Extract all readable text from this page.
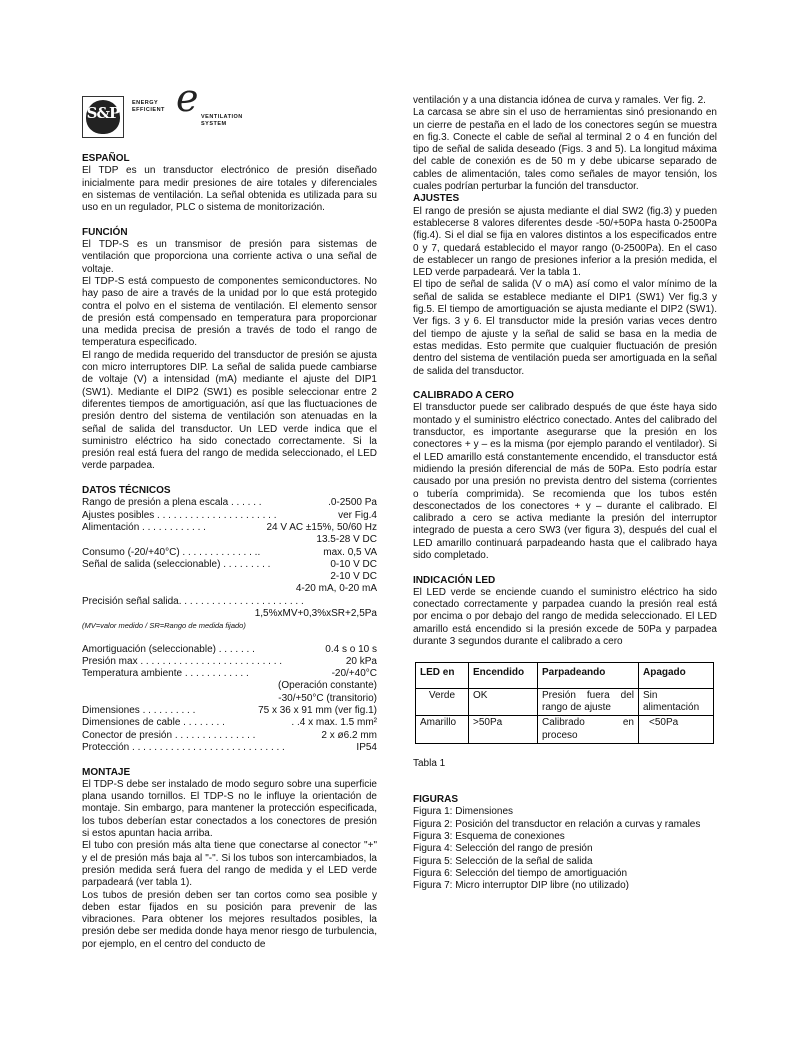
S&P
ENERGY
EFFICIENT e VENTILATION
SYSTEM
ESPAÑOL

El TDP es un transductor electrónico de presión diseñado inicialmente para medir presiones de aire totales y diferenciales en sistemas de ventilación. La señal obtenida es utilizada para su uso en un regulador, PLC o sistema de monitorización.

FUNCIÓN

El TDP-S es un transmisor de presión para sistemas de ventilación que proporciona una corriente activa o una señal de voltaje.

El TDP-S está compuesto de componentes semiconductores. No hay paso de aire a través de la unidad por lo que está protegido contra el polvo en el sistema de ventilación. El elemento sensor de presión está compensado en temperatura para proporcionar una medida precisa de presión a través de todo el rango de temperatura especificado.

El rango de medida requerido del transductor de presión se ajusta con micro interruptores DIP. La señal de salida puede cambiarse de voltaje (V) a intensidad (mA) mediante el ajuste del DIP1 (SW1). Mediante el DIP2 (SW1) es posible seleccionar entre 2 diferentes tiempos de amortiguación, así que las fluctuaciones de presión dentro del sistema de ventilación son atenuadas en la señal de salida del transductor. Un LED verde indica que el suministro eléctrico ha sido conectado correctamente. Si la presión real está fuera del rango de medida seleccionado, el LED verde parpadea.

DATOS TÉCNICOS
Rango de presión a plena escala . . . . . .	.0-2500 Pa
Ajustes posibles . . . . . . . . . . . . . . . . . . . . . .	ver Fig.4
Alimentación . . . . . . . . . . . .	24 V AC ±15%, 50/60 Hz
13.5-28 V DC
Consumo (-20/+40°C) . . . . . . . . . . . . . ..	max. 0,5 VA
Señal de salida (seleccionable) . . . . . . . . .	0-10 V DC
2-10 V DC
4-20 mA, 0-20 mA
Precisión señal salida. . . . . . . . . . . . . . . . . . . . . . .
1,5%xMV+0,3%xSR+2,5Pa
(MV=valor medido / SR=Rango de medida fijado)
Amortiguación (seleccionable) . . . . . . .	0.4 s o 10 s
Presión max . . . . . . . . . . . . . . . . . . . . . . . . . .	20 kPa
Temperatura ambiente . . . . . . . . . . . .	-20/+40°C
(Operación constante)
-30/+50°C (transitorio)
Dimensiones . . . . . . . . . .	75 x 36 x 91 mm (ver fig.1)
Dimensiones de cable . . . . . . . .	. .4 x max. 1.5 mm²
Conector de presión . . . . . . . . . . . . . . .	2 x ø6.2 mm
Protección . . . . . . . . . . . . . . . . . . . . . . . . . . . .	IP54
MONTAJE

El TDP-S debe ser instalado de modo seguro sobre una superficie plana usando tornillos. El TDP-S no le influye la orientación de montaje. Sin embargo, para mantener la protección especificada, los tubos deberían estar conectados a los conectores de presión si estos apuntan hacia arriba.

El tubo con presión más alta tiene que conectarse al conector "+" y el de presión más baja al "-". Si los tubos son intercambiados, la presión medida será fuera del rango de medida y el LED verde parpadeará (ver tabla 1).

Los tubos de presión deben ser tan cortos como sea posible y deben estar fijados en su posición para prevenir de las vibraciones. Para obtener los mejores resultados posibles, la presión debe ser medida donde haya menor riesgo de turbulencia, por ejemplo, en el centro del conducto de

ventilación y a una distancia idónea de curva y ramales. Ver fig. 2.

La carcasa se abre sin el uso de herramientas sinó presionando en un cierre de pestaña en el lado de los conectores según se muestra en fig.3. Conecte el cable de señal al terminal 2 o 4 en función del tipo de señal de salida deseado (Figs. 3 and 5). La longitud máxima del cable de conexión es de 50 m y debe ubicarse separado de cables de alimentación, tales como señales de mayor tensión, los cuales podrían perturbar la función del transductor.

AJUSTES

El rango de presión se ajusta mediante el dial SW2 (fig.3) y pueden establecerse 8 valores diferentes desde -50/+50Pa hasta 0-2500Pa (fig.4). Si el dial se fija en valores distintos a los especificados entre 0 y 7, quedará establecido el mayor rango (0-2500Pa). En el caso de establecer un rango de presiones inferior a la presión medida, el LED verde parpadeará. Ver la tabla 1.

El tipo de señal de salida (V o mA) así como el valor mínimo de la señal de salida se establece mediante el DIP1 (SW1) Ver fig.3 y fig.5. El tiempo de amortiguación se ajusta mediante el DIP2 (SW1). Ver figs. 3 y 6. El transductor mide la presión varias veces dentro del tiempo de ajuste y la señal de salid se basa en la media de estas medidas. Esto permite que cualquier fluctuación de presión dentro del sistema de ventilación pueda ser amortiguada en la señal de salida del transductor.

CALIBRADO A CERO

El transductor puede ser calibrado después de que éste haya sido montado y el suministro eléctrico conectado. Antes del calibrado del transductor, es importante asegurarse que la presión en los conectores + y – es la misma (por ejemplo parando el ventilador). Si el LED amarillo está constantemente encendido, el transductor está midiendo la presión diferencial de más de 50Pa. Esto podría estar causado por una presión no prevista dentro del sistema (corrientes o tubería comprimida). Se recomienda que los tubos estén desconectados de los conectores + y – durante el calibrado. El calibrado a cero se activa mediante la presión del interruptor integrado de puesta a cero SW3 (ver figura 3), después del cual el LED amarillo continuará parpadeando hasta que el calibrado haya sido completado.

INDICACIÓN LED

El LED verde se enciende cuando el suministro eléctrico ha sido conectado correctamente y parpadea cuando la presión real está por encima o por debajo del rango de medida seleccionado. El LED amarillo está encendido si la presión excede de 50Pa y parpadea durante 3 segundos durante el calibrado a cero

LED en	Encendido	Parpadeando	Apagado
Verde	OK	Presión fuera del rango de ajuste	Sin alimentación
Amarillo	>50Pa	Calibrado en proceso	<50Pa
Tabla 1
FIGURAS
Figura 1: Dimensiones
Figura 2: Posición del transductor en relación a curvas y ramales
Figura 3: Esquema de conexiones
Figura 4: Selección del rango de presión
Figura 5: Selección de la señal de salida
Figura 6: Selección del tiempo de amortiguación
Figura 7: Micro interruptor DIP libre (no utilizado)
